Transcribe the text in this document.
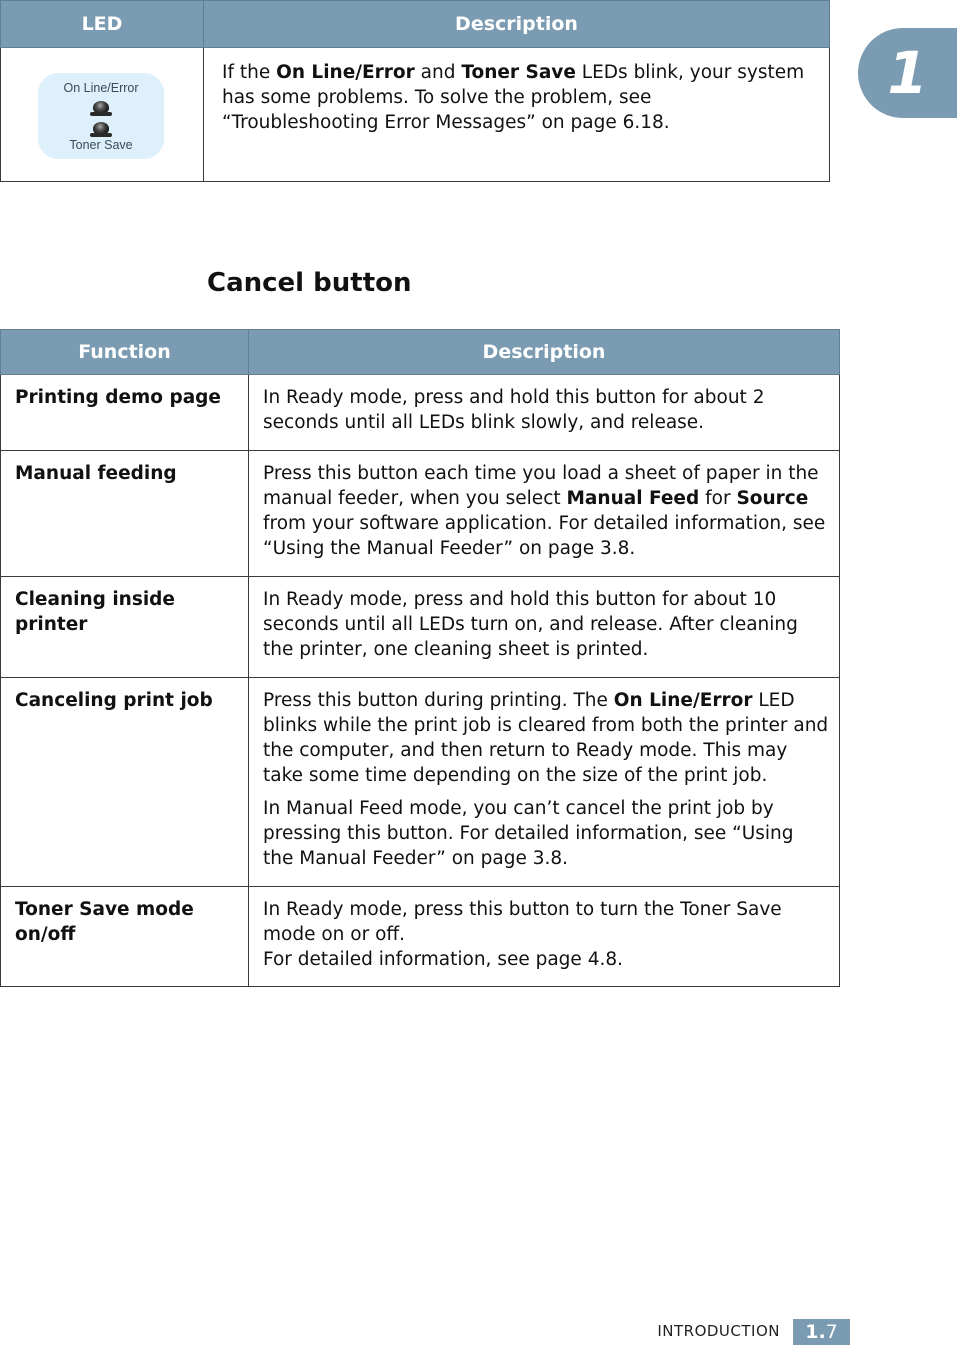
LED	Description

On Line/Error
Toner Save	If the On Line/Error and Toner Save LEDs blink, your system has some problems. To solve the problem, see “Troubleshooting Error Messages” on page 6.18.
1
Cancel button
Function	Description
Printing demo page	In Ready mode, press and hold this button for about 2 seconds until all LEDs blink slowly, and release.
Manual feeding	Press this button each time you load a sheet of paper in the manual feeder, when you select Manual Feed for Source from your software application. For detailed information, see “Using the Manual Feeder” on page 3.8.
Cleaning inside printer	In Ready mode, press and hold this button for about 10 seconds until all LEDs turn on, and release. After cleaning the printer, one cleaning sheet is printed.
Canceling print job	Press this button during printing. The On Line/Error LED blinks while the print job is cleared from both the printer and the computer, and then return to Ready mode. This may take some time depending on the size of the print job.
In Manual Feed mode, you can’t cancel the print job by pressing this button. For detailed information, see “Using the Manual Feeder” on page 3.8.

Toner Save mode on/off	In Ready mode, press this button to turn the Toner Save mode on or off.
For detailed information, see page 4.8.
INTRODUCTION	1.7
